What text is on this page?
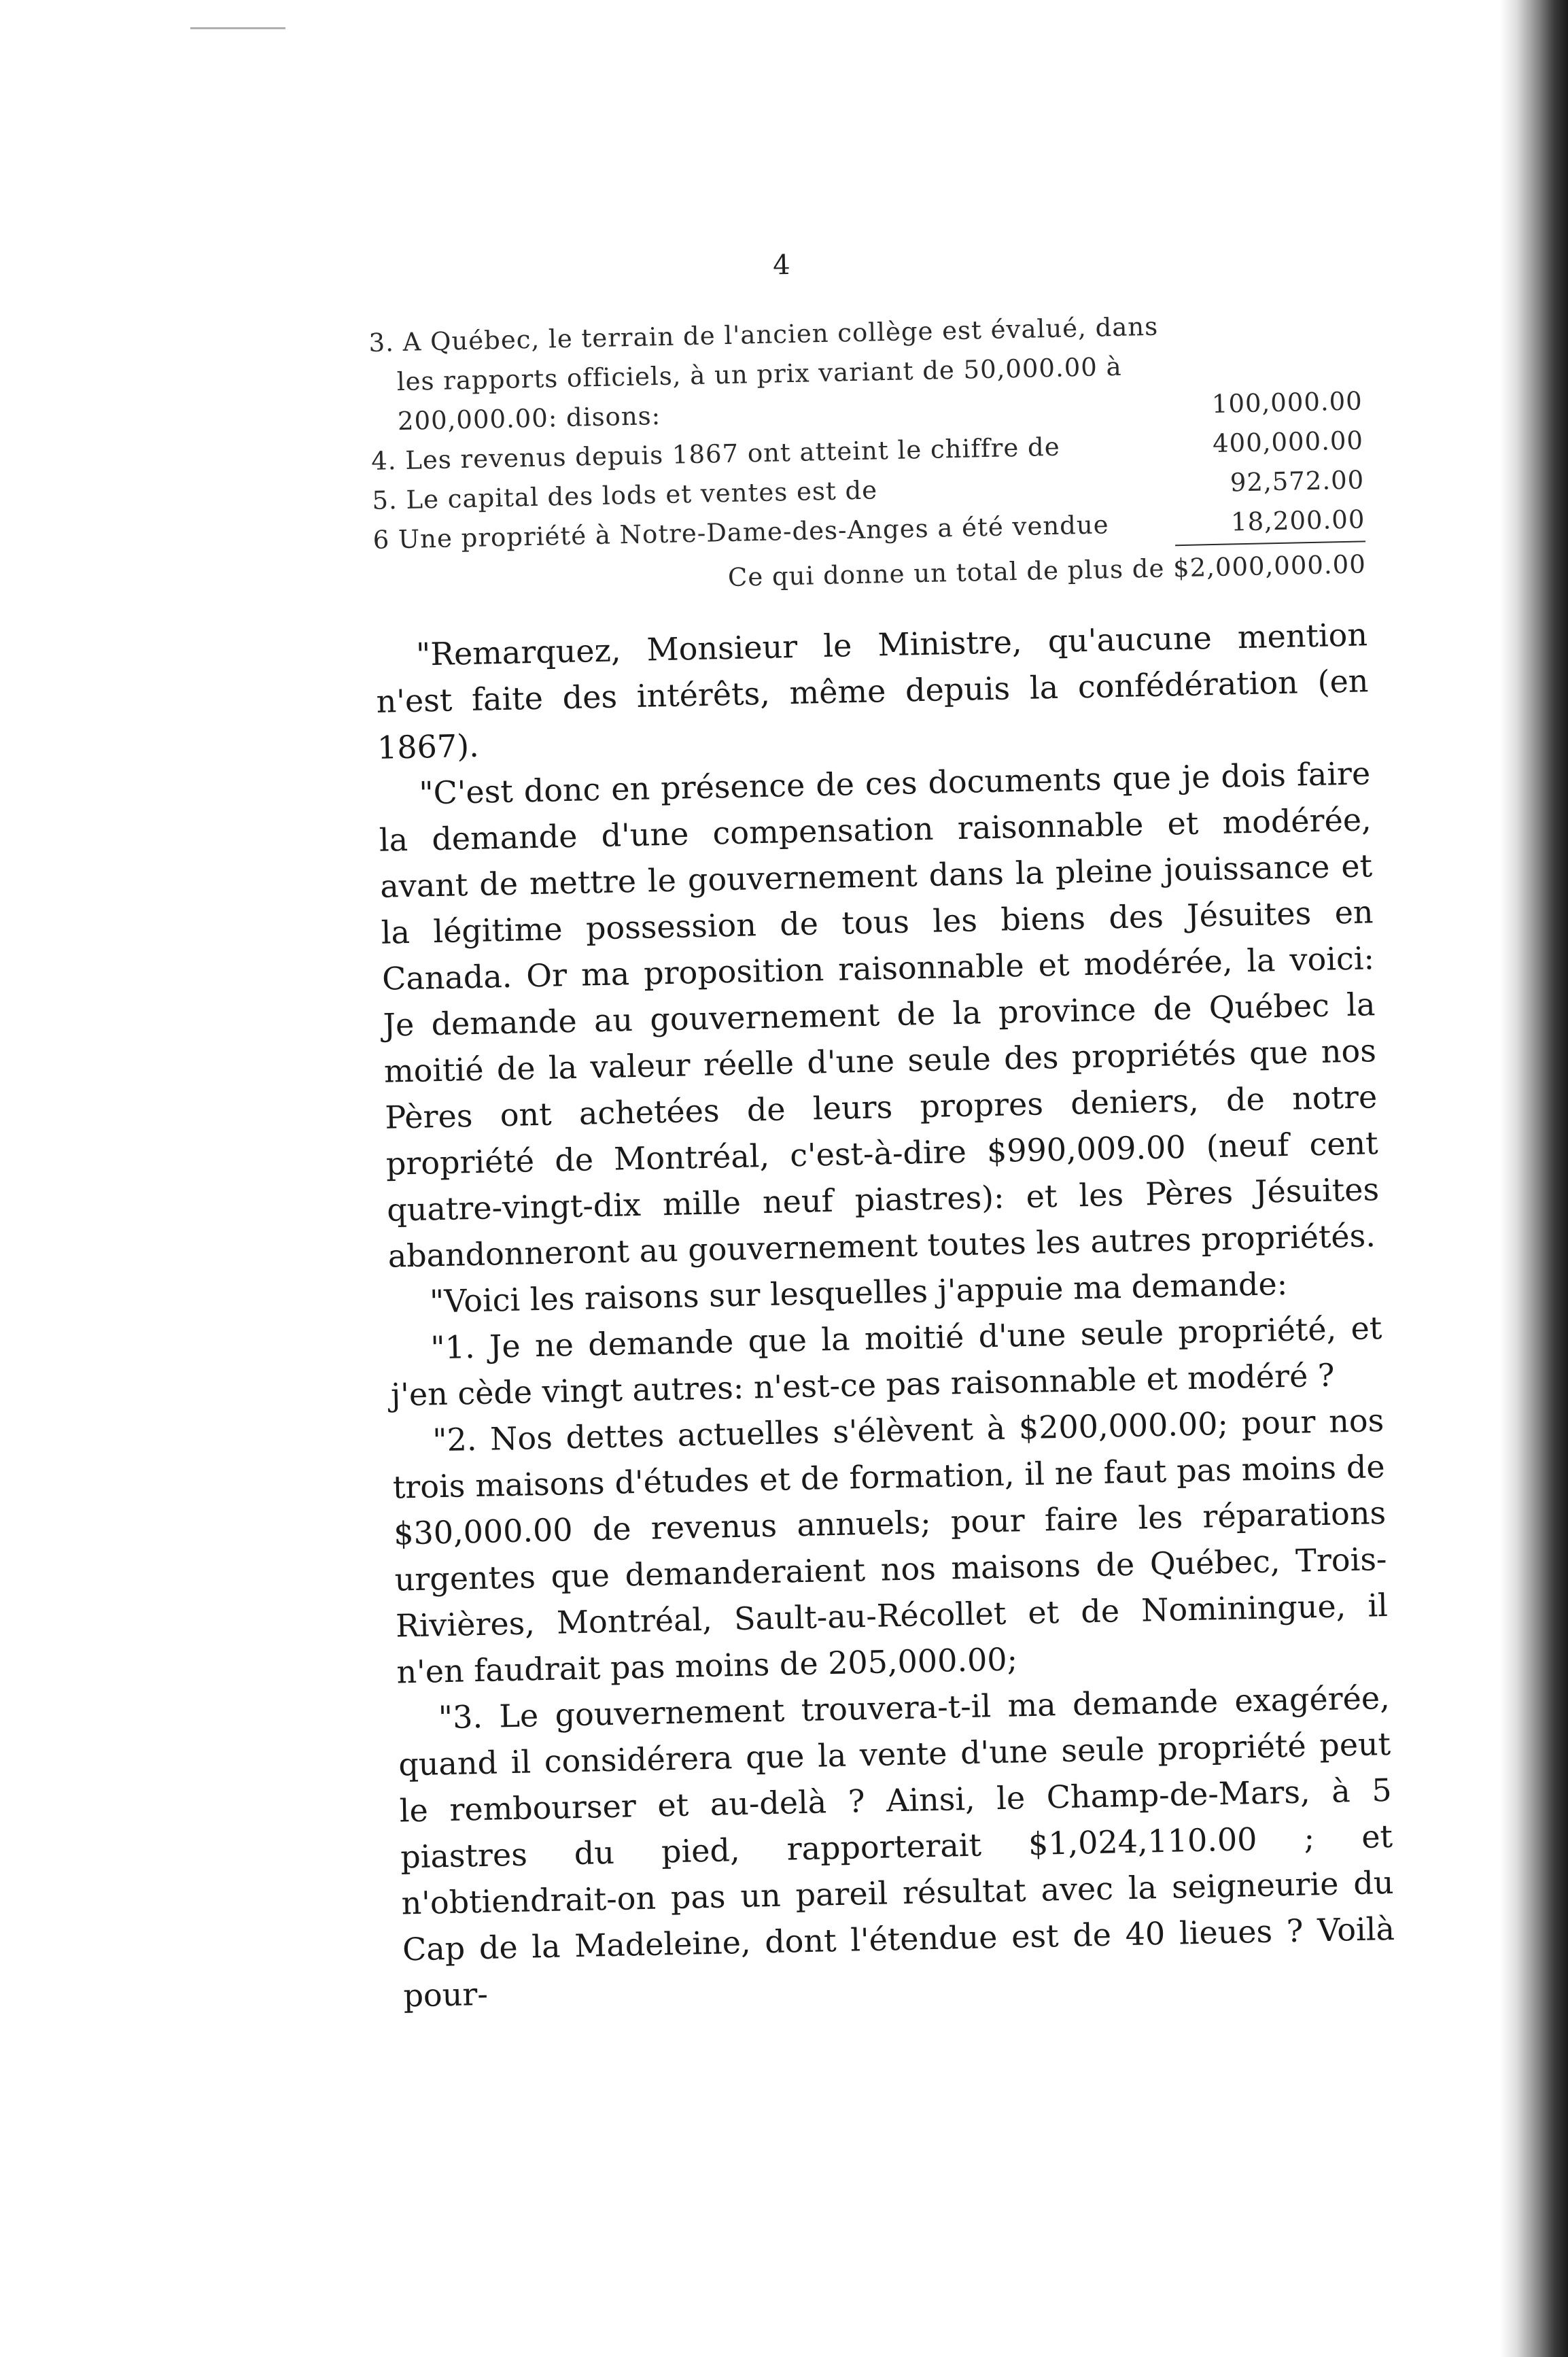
4
3. A Québec, le terrain de l'ancien collège est évalué, dans les rapports officiels, à un prix variant de 50,000.00 à 200,000.00: disons:	100,000.00
4. Les revenus depuis 1867 ont atteint le chiffre de	400,000.00
5. Le capital des lods et ventes est de	92,572.00
6 Une propriété à Notre-Dame-des-Anges a été vendue	18,200.00
Ce qui donne un total de plus de $2,000,000.00

"Remarquez, Monsieur le Ministre, qu'aucune mention n'est faite des intérêts, même depuis la confédération (en 1867).

"C'est donc en présence de ces documents que je dois faire la demande d'une compensation raisonnable et modérée, avant de mettre le gouvernement dans la pleine jouissance et la légitime possession de tous les biens des Jésuites en Canada. Or ma proposition raisonnable et modérée, la voici: Je demande au gouvernement de la province de Québec la moitié de la valeur réelle d'une seule des propriétés que nos Pères ont achetées de leurs propres deniers, de notre propriété de Montréal, c'est-à-dire $990,009.00 (neuf cent quatre-vingt-dix mille neuf piastres): et les Pères Jésuites abandonneront au gouvernement toutes les autres propriétés.

"Voici les raisons sur lesquelles j'appuie ma demande:

"1. Je ne demande que la moitié d'une seule propriété, et j'en cède vingt autres: n'est-ce pas raisonnable et modéré ?

"2. Nos dettes actuelles s'élèvent à $200,000.00; pour nos trois maisons d'études et de formation, il ne faut pas moins de $30,000.00 de revenus annuels; pour faire les réparations urgentes que demanderaient nos maisons de Québec, Trois-Rivières, Montréal, Sault-au-Récollet et de Nominingue, il n'en faudrait pas moins de 205,000.00;

"3. Le gouvernement trouvera-t-il ma demande exagérée, quand il considérera que la vente d'une seule propriété peut le rembourser et au-delà ? Ainsi, le Champ-de-Mars, à 5 piastres du pied, rapporterait $1,024,110.00 ; et n'obtiendrait-on pas un pareil résultat avec la seigneurie du Cap de la Madeleine, dont l'étendue est de 40 lieues ? Voilà pour-
